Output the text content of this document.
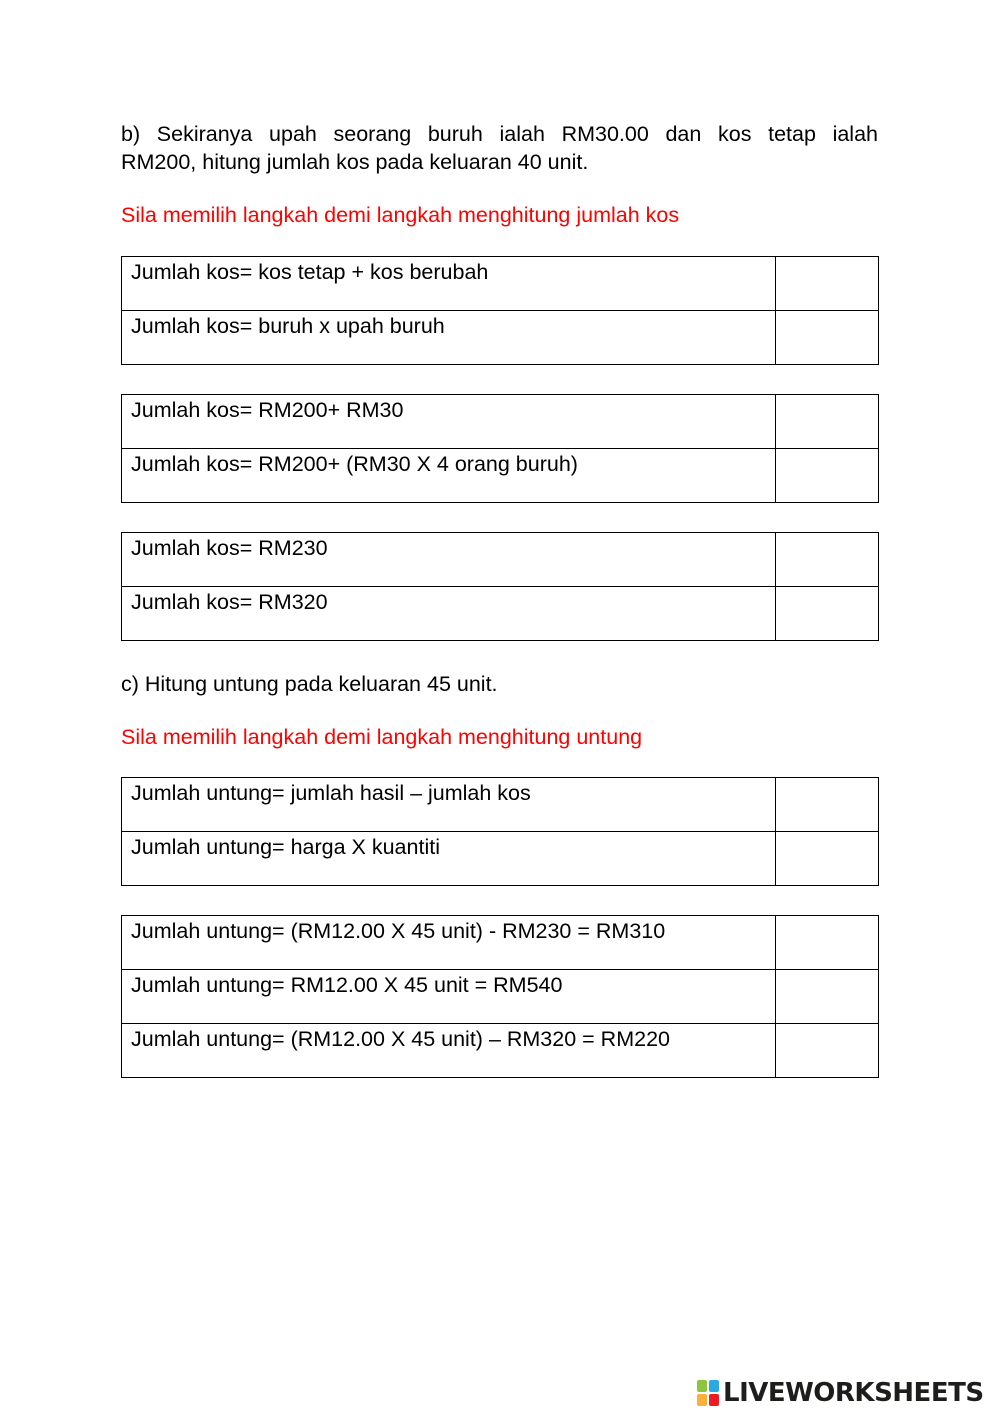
b) Sekiranya upah seorang buruh ialah RM30.00 dan kos tetap ialah
RM200, hitung jumlah kos pada keluaran 40 unit.

Sila memilih langkah demi langkah menghitung jumlah kos

Jumlah kos= kos tetap + kos berubah	
Jumlah kos= buruh x upah buruh	
Jumlah kos= RM200+ RM30	
Jumlah kos= RM200+ (RM30 X 4 orang buruh)	
Jumlah kos= RM230	
Jumlah kos= RM320	

c) Hitung untung pada keluaran 45 unit.

Sila memilih langkah demi langkah menghitung untung

Jumlah untung= jumlah hasil – jumlah kos	
Jumlah untung= harga X kuantiti	
Jumlah untung= (RM12.00 X 45 unit) - RM230 = RM310	
Jumlah untung= RM12.00 X 45 unit = RM540	
Jumlah untung= (RM12.00 X 45 unit) – RM320 = RM220	
LIVEWORKSHEETS
